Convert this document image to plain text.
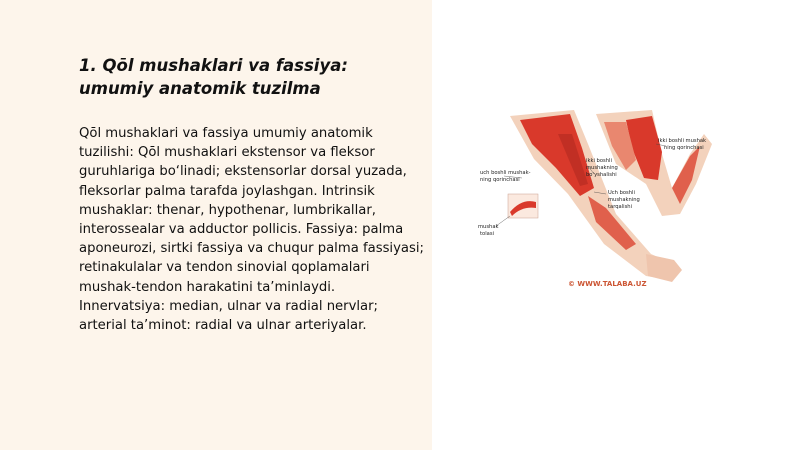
1. Qōl mushaklari va fassiya: umumiy anatomik tuzilma

Qōl mushaklari va fassiya umumiy anatomik tuzilishi: Qōl mushaklari ekstensor va fleksor guruhlariga bo‘linadi; ekstensorlar dorsal yuzada, fleksorlar palma tarafda joylashgan. Intrinsik mushaklar: thenar, hypothenar, lumbrikallar, interossealar va adductor pollicis. Fassiya: palma aponeurozi, sirtki fassiya va chuqur palma fassiyasi; retinakulalar va tendon sinovial qoplamalari mushak-tendon harakatini ta’minlaydi. Innervatsiya: median, ulnar va radial nervlar; arterial ta’minot: radial va ulnar arteriyalar.

ikki boshli mushak
ning qorinchasi
uch boshli mushak-
ning qorinchasi
ikki boshli
mushakning
bo‘yshalishi
Uch boshli
mushakning
tarqalishi
mushak
tolasi
© WWW.TALABA.UZ
